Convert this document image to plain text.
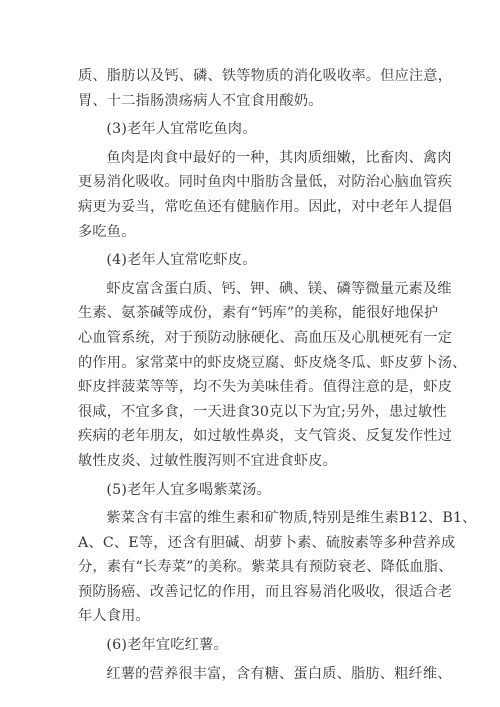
质、脂肪以及钙、磷、铁等物质的消化吸收率。但应注意，
胃、十二指肠溃疡病人不宜食用酸奶。

(3)老年人宜常吃鱼肉。

鱼肉是肉食中最好的一种，其肉质细嫩，比畜肉、禽肉
更易消化吸收。同时鱼肉中脂肪含量低，对防治心脑血管疾
病更为妥当，常吃鱼还有健脑作用。因此，对中老年人提倡
多吃鱼。

(4)老年人宜常吃虾皮。

虾皮富含蛋白质、钙、钾、碘、镁、磷等微量元素及维
生素、氨茶碱等成份，素有“钙库”的美称，能很好地保护
心血管系统，对于预防动脉硬化、高血压及心肌梗死有一定
的作用。家常菜中的虾皮烧豆腐、虾皮烧冬瓜、虾皮萝卜汤、
虾皮拌菠菜等等，均不失为美味佳肴。值得注意的是，虾皮
很咸，不宜多食，一天进食30克以下为宜;另外，患过敏性
疾病的老年朋友，如过敏性鼻炎，支气管炎、反复发作性过
敏性皮炎、过敏性腹泻则不宜进食虾皮。

(5)老年人宜多喝紫菜汤。

紫菜含有丰富的维生素和矿物质,特别是维生素B12、B1、
A、C、E等，还含有胆碱、胡萝卜素、硫胺素等多种营养成
分，素有“长寿菜”的美称。紫菜具有预防衰老、降低血脂、
预防肠癌、改善记忆的作用，而且容易消化吸收，很适合老
年人食用。

(6)老年宜吃红薯。

红薯的营养很丰富，含有糖、蛋白质、脂肪、粗纤维、
